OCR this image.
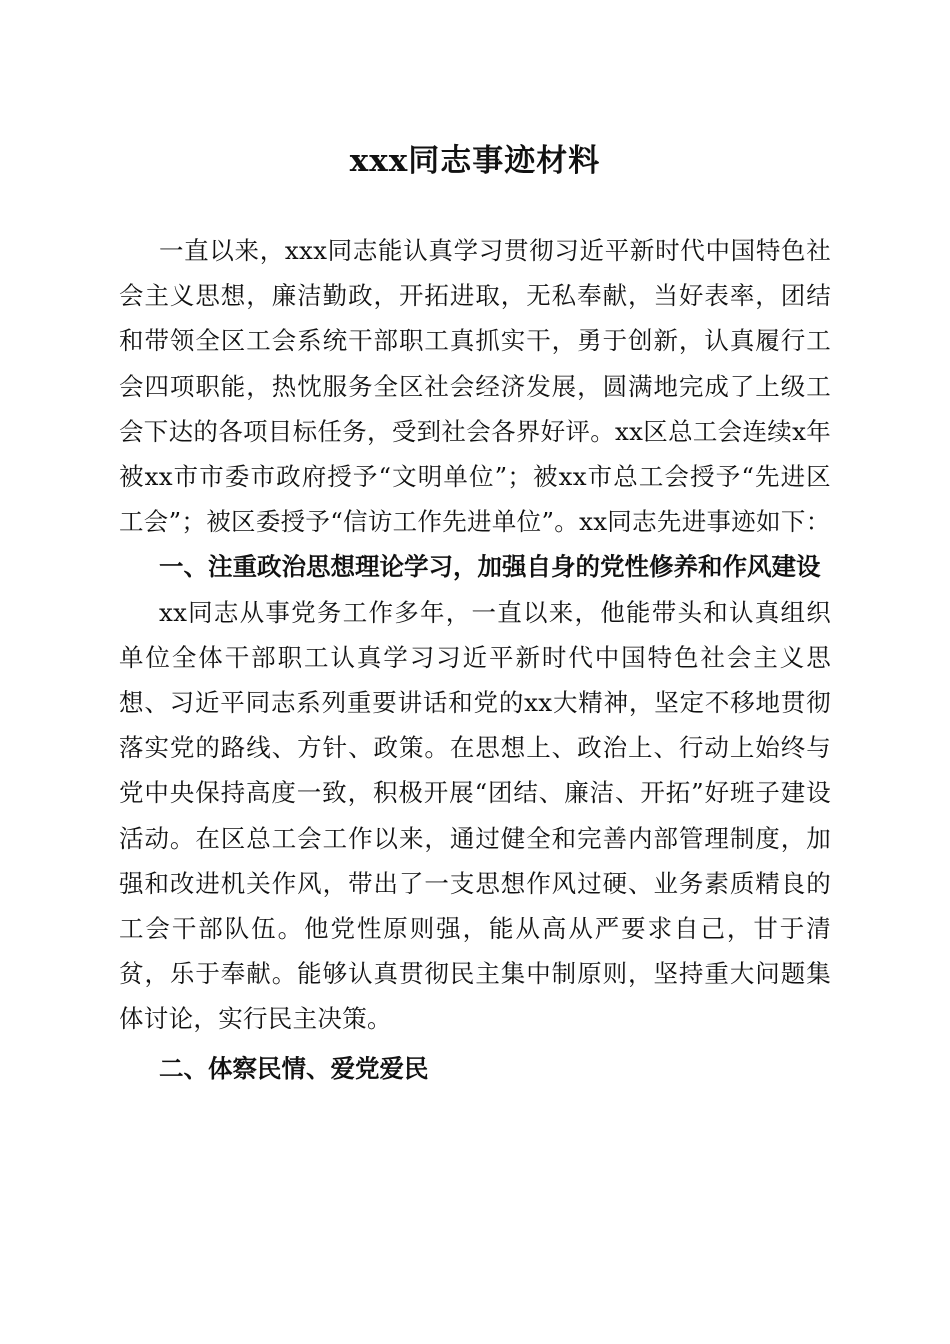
xxx同志事迹材料

一直以来，xxx同志能认真学习贯彻习近平新时代中国特色社会主义思想，廉洁勤政，开拓进取，无私奉献，当好表率，团结和带领全区工会系统干部职工真抓实干，勇于创新，认真履行工会四项职能，热忱服务全区社会经济发展，圆满地完成了上级工会下达的各项目标任务，受到社会各界好评。xx区总工会连续x年被xx市市委市政府授予“文明单位”；被xx市总工会授予“先进区工会”；被区委授予“信访工作先进单位”。xx同志先进事迹如下：

一、注重政治思想理论学习，加强自身的党性修养和作风建设

xx同志从事党务工作多年，一直以来，他能带头和认真组织单位全体干部职工认真学习习近平新时代中国特色社会主义思想、习近平同志系列重要讲话和党的xx大精神，坚定不移地贯彻落实党的路线、方针、政策。在思想上、政治上、行动上始终与党中央保持高度一致，积极开展“团结、廉洁、开拓”好班子建设活动。在区总工会工作以来，通过健全和完善内部管理制度，加强和改进机关作风，带出了一支思想作风过硬、业务素质精良的工会干部队伍。他党性原则强，能从高从严要求自己，甘于清贫，乐于奉献。能够认真贯彻民主集中制原则，坚持重大问题集体讨论，实行民主决策。

二、体察民情、爱党爱民
